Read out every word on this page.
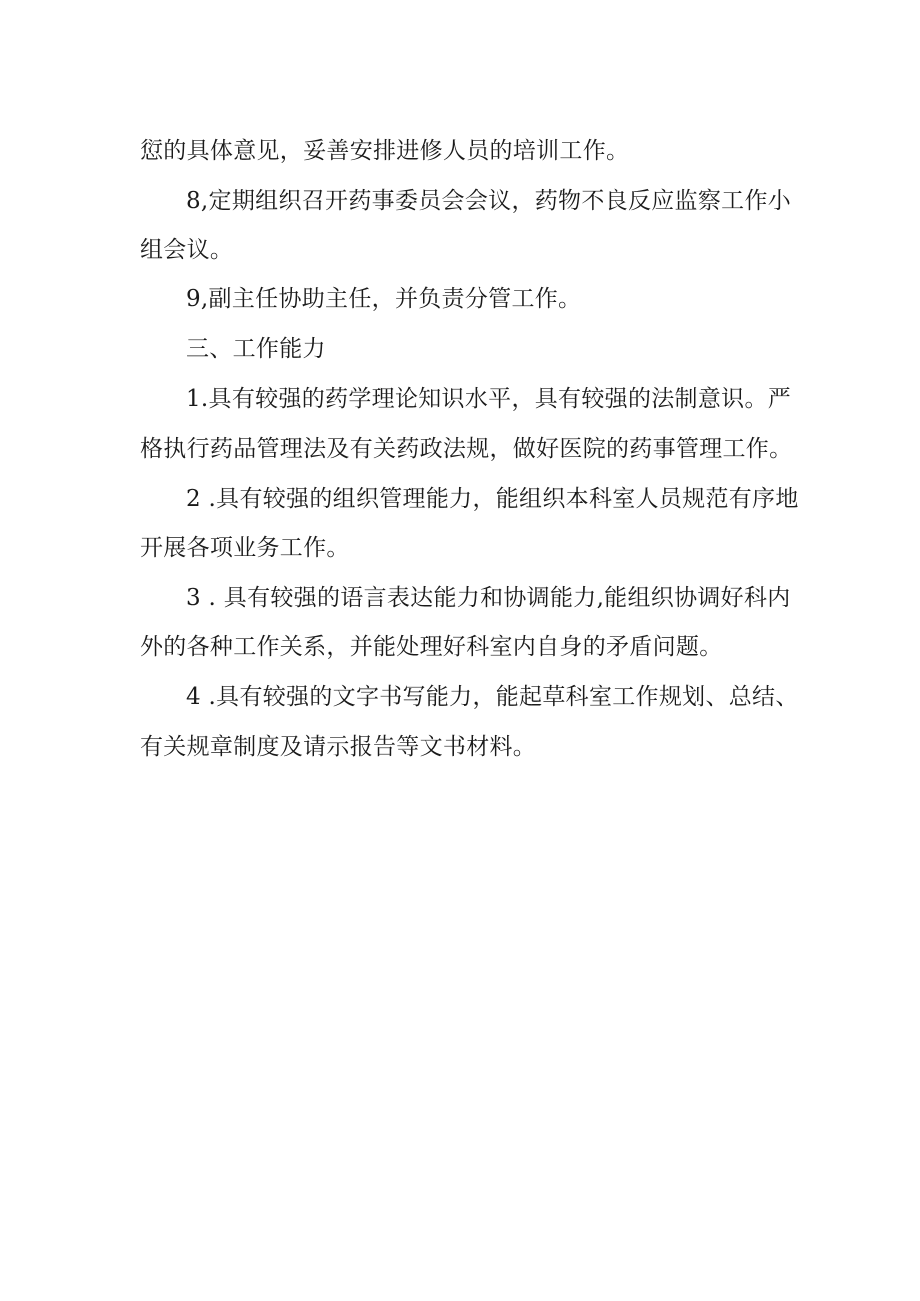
愆的具体意见，妥善安排进修人员的培训工作。

8,定期组织召开药事委员会会议，药物不良反应监察工作小

组会议。

9,副主任协助主任，并负责分管工作。

三、工作能力

1.具有较强的药学理论知识水平，具有较强的法制意识。严

格执行药品管理法及有关药政法规，做好医院的药事管理工作。

2 .具有较强的组织管理能力，能组织本科室人员规范有序地

开展各项业务工作。

3 . 具有较强的语言表达能力和协调能力,能组织协调好科内

外的各种工作关系，并能处理好科室内自身的矛盾问题。

4 .具有较强的文字书写能力，能起草科室工作规划、总结、

有关规章制度及请示报告等文书材料。
